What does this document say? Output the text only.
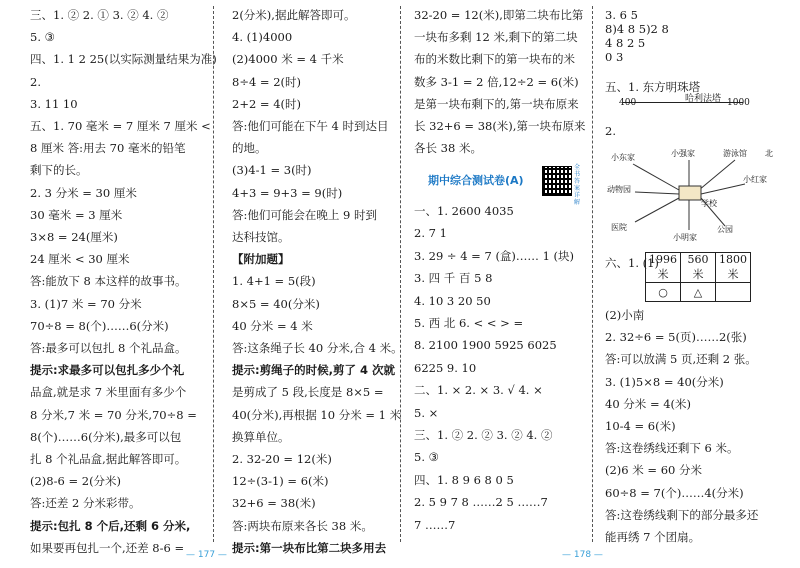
三、1. ② 2. ① 3. ② 4. ②
5. ③
四、1. 1 2 25(以实际测量结果为准)
2.
3. 11 10
五、1. 70 毫米 = 7 厘米 7 厘米 <
8 厘米 答:用去 70 毫米的铅笔
剩下的长。
2. 3 分米 = 30 厘米
30 毫米 = 3 厘米
3×8 = 24(厘米)
24 厘米 < 30 厘米
答:能放下 8 本这样的故事书。
3. (1)7 米 = 70 分米
70÷8 = 8(个)……6(分米)
答:最多可以包扎 8 个礼品盒。
提示:求最多可以包扎多少个礼
品盒,就是求 7 米里面有多少个
8 分米,7 米 = 70 分米,70÷8 =
8(个)……6(分米),最多可以包
扎 8 个礼品盒,据此解答即可。
(2)8-6 = 2(分米)
答:还差 2 分米彩带。
提示:包扎 8 个后,还剩 6 分米,
如果要再包扎一个,还差 8-6 =
2(分米),据此解答即可。
4. (1)4000
(2)4000 米 = 4 千米
8÷4 = 2(时)
2+2 = 4(时)
答:他们可能在下午 4 时到达目
的地。
(3)4-1 = 3(时)
4+3 = 9+3 = 9(时)
答:他们可能会在晚上 9 时到
达科技馆。
【附加题】
1. 4+1 = 5(段)
8×5 = 40(分米)
40 分米 = 4 米
答:这条绳子长 40 分米,合 4 米。
提示:剪绳子的时候,剪了 4 次就
是剪成了 5 段,长度是 8×5 =
40(分米),再根据 10 分米 = 1 米
换算单位。
2. 32-20 = 12(米)
12÷(3-1) = 6(米)
32+6 = 38(米)
答:两块布原来各长 38 米。
提示:第一块布比第二块多用去
32-20 = 12(米),即第二块布比第
一块布多剩 12 米,剩下的第二块
布的米数比剩下的第一块布的米
数多 3-1 = 2 倍,12÷2 = 6(米)
是第一块布剩下的,第一块布原来
长 32+6 = 38(米),第一块布原来
各长 38 米。
期中综合测试卷(A)
全书答案详解
一、1. 2600 4035
2. 7 1
3. 29 ÷ 4 = 7 (盒)…… 1 (块)
3. 四 千 百 5 8
4. 10 3 20 50
5. 西 北 6. < < > =
8. 2100 1900 5925 6025
6225 9. 10
二、1. × 2. × 3. √ 4. ×
5. ×
三、1. ② 2. ② 3. ② 4. ②
5. ③
四、1. 8 9 6 8 0 5
2. 5 9 7 8 ……2 5 ……7
7 ……7
3. 6 5
8)4 8 5)2 8
4 8 2 5
0 3
五、1. 东方明珠塔
400	哈利法塔 1000
2.
小东家	小强家	游泳馆 北
动物园
学校
小红家
医院	公园
小明家
六、1. (1)
1996 米	560 米	1800 米
○	△	
(2)小南
2. 32÷6 = 5(页)……2(张)
答:可以放满 5 页,还剩 2 张。
3. (1)5×8 = 40(分米)
40 分米 = 4(米)
10-4 = 6(米)
答:这卷绣线还剩下 6 米。
(2)6 米 = 60 分米
60÷8 = 7(个)……4(分米)
答:这卷绣线剩下的部分最多还
能再绣 7 个团扇。
— 177 —	— 178 —
